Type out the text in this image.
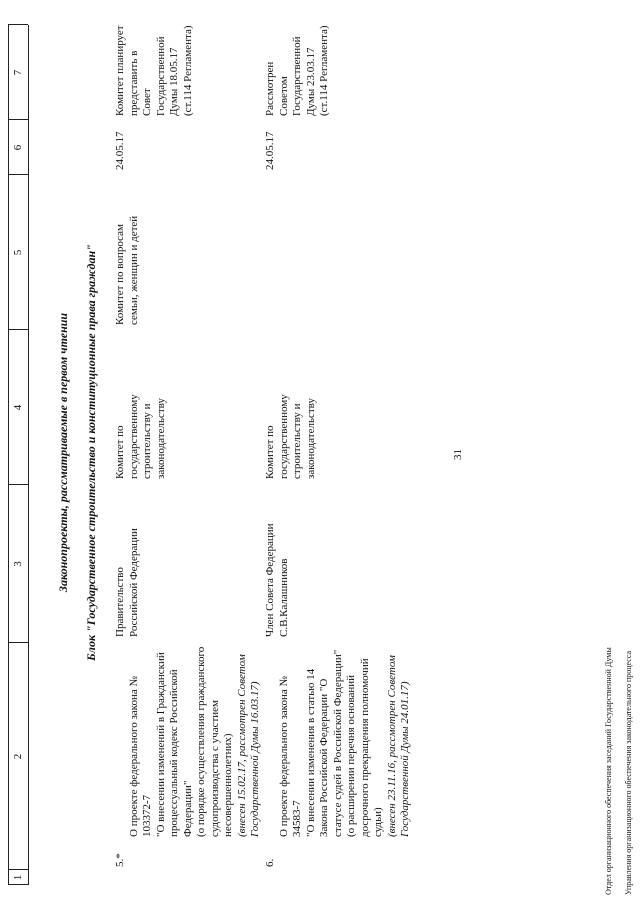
31
1
2
3
4
5
6
7
Законопроекты, рассматриваемые в первом чтении Блок "Государственное строительство и конституционные права граждан"
5.*

О проекте федерального закона № 103372-7
"О внесении изменений в Гражданский процессуальный кодекс Российской Федерации"
(о порядке осуществления гражданского судопроизводства с участием несовершеннолетних) (внесен 15.02.17, рассмотрен Советом Государственной Думы 16.03.17)

Правительство Российской Федерации
Комитет по государственному строительству и законодательству
Комитет по вопросам семьи, женщин и детей
24.05.17
Комитет планирует представить в Совет Государственной Думы 18.05.17
(ст.114 Регламента)
6.

О проекте федерального закона № 34583-7
"О внесении изменения в статью 14 Закона Российской Федерации "О статусе судей в Российской Федерации"
(о расширении перечня оснований досрочного прекращения полномочий судьи) (внесен 23.11.16, рассмотрен Советом Государственной Думы 24.01.17)

Член Совета Федерации
С.В.Калашников
Комитет по государственному строительству и законодательству
24.05.17
Рассмотрен Советом Государственной Думы 23.03.17
(ст.114 Регламента)

Отдел организационного обеспечения заседаний Государственной Думы Управления организационного обеспечения законодательного процесса
